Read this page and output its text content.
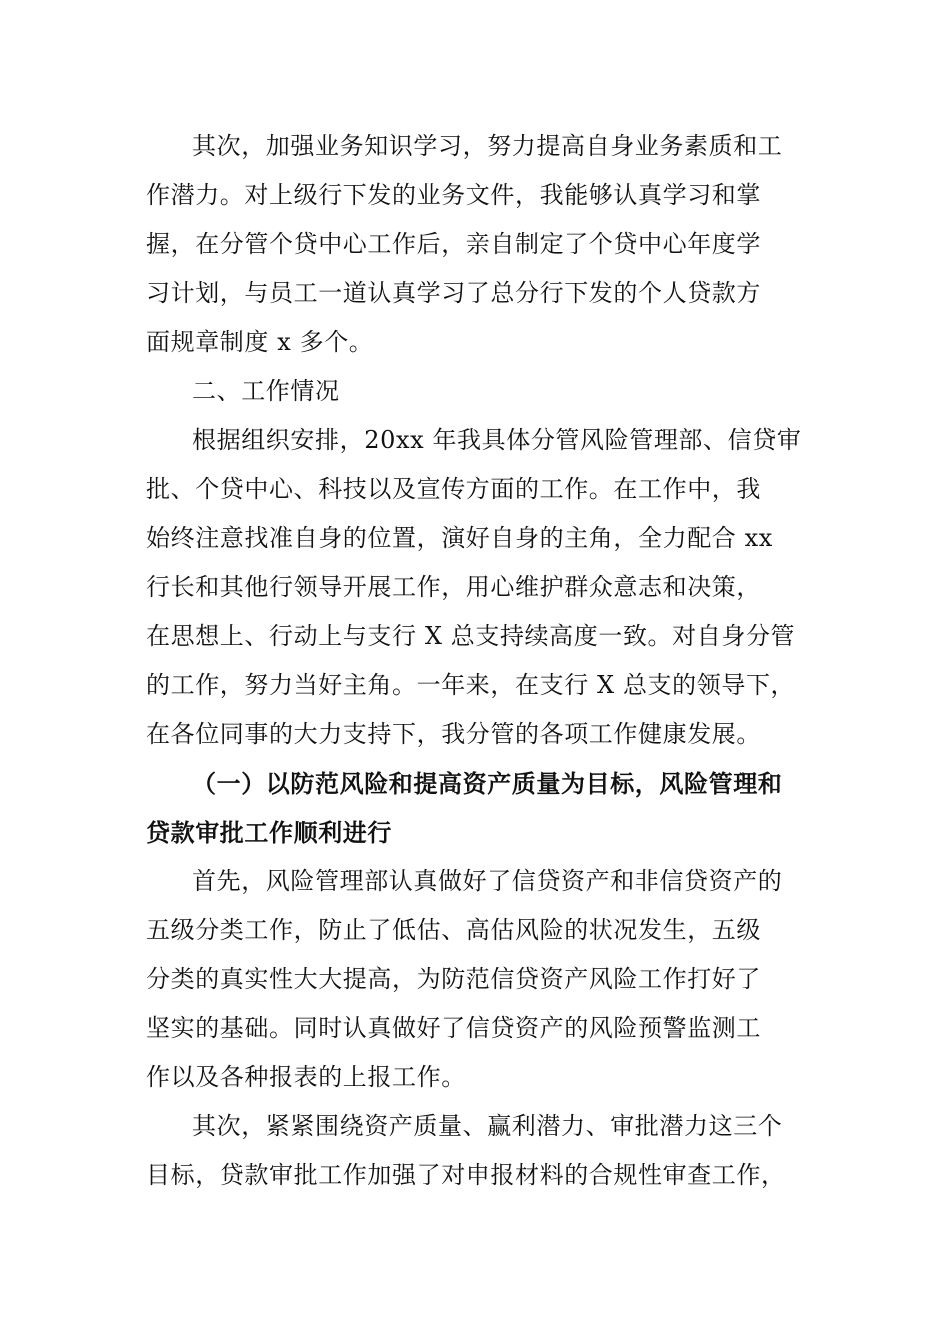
其次，加强业务知识学习，努力提高自身业务素质和工
作潜力。对上级行下发的业务文件，我能够认真学习和掌
握，在分管个贷中心工作后，亲自制定了个贷中心年度学
习计划，与员工一道认真学习了总分行下发的个人贷款方
面规章制度 x 多个。
二、工作情况
根据组织安排，20xx 年我具体分管风险管理部、信贷审
批、个贷中心、科技以及宣传方面的工作。在工作中，我
始终注意找准自身的位置，演好自身的主角，全力配合 xx
行长和其他行领导开展工作，用心维护群众意志和决策，
在思想上、行动上与支行 X 总支持续高度一致。对自身分管
的工作，努力当好主角。一年来，在支行 X 总支的领导下，
在各位同事的大力支持下，我分管的各项工作健康发展。
（一）以防范风险和提高资产质量为目标，风险管理和
贷款审批工作顺利进行
首先，风险管理部认真做好了信贷资产和非信贷资产的
五级分类工作，防止了低估、高估风险的状况发生，五级
分类的真实性大大提高，为防范信贷资产风险工作打好了
坚实的基础。同时认真做好了信贷资产的风险预警监测工
作以及各种报表的上报工作。
其次，紧紧围绕资产质量、赢利潜力、审批潜力这三个
目标，贷款审批工作加强了对申报材料的合规性审查工作，
